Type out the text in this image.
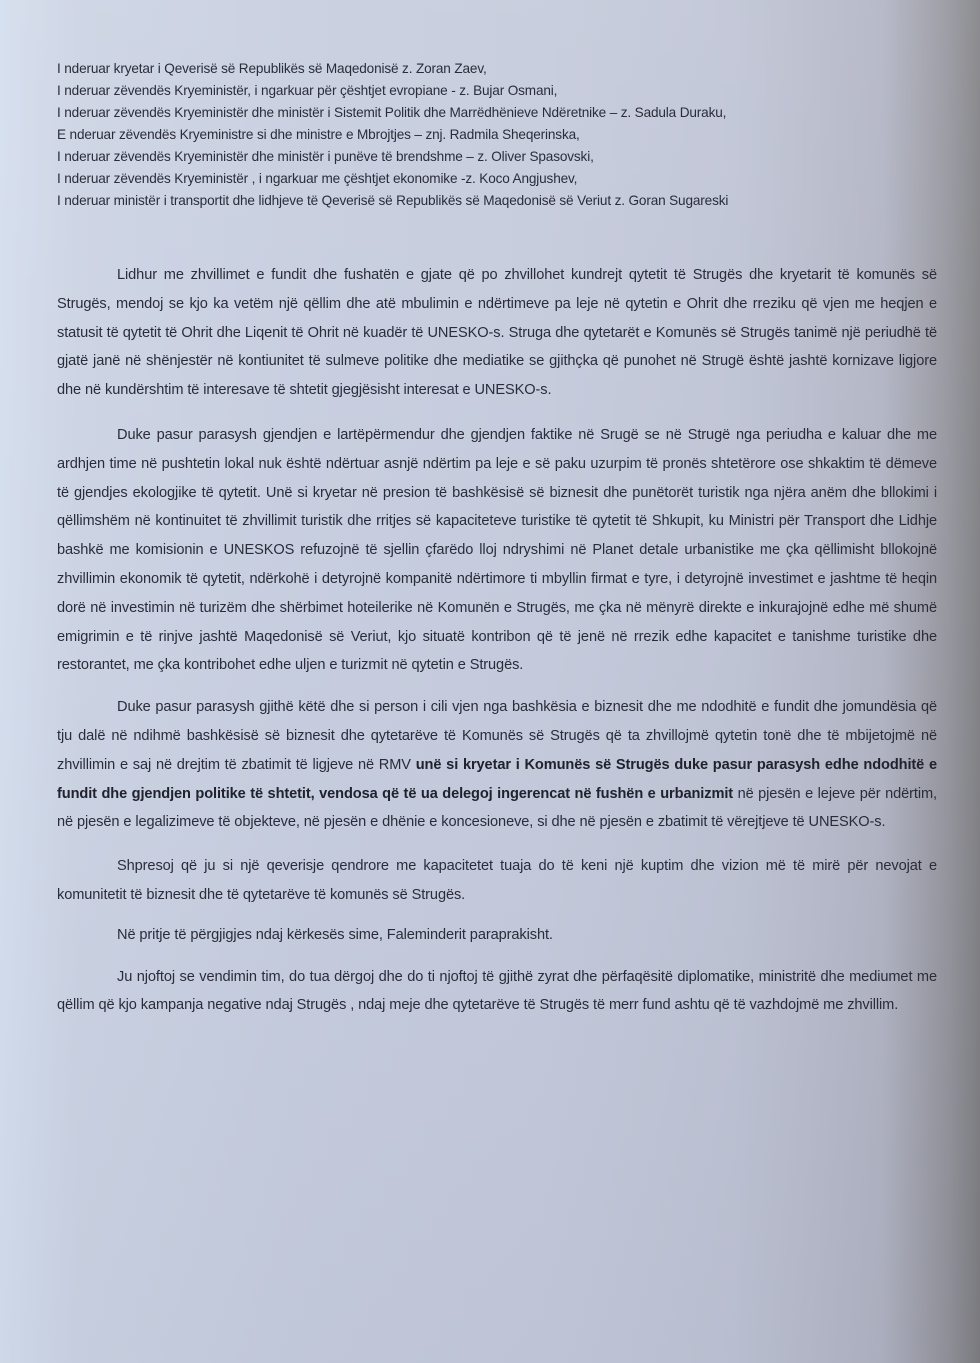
I nderuar kryetar i Qeverisë së Republikës së Maqedonisë z. Zoran Zaev,
I nderuar zëvendës Kryeministër, i ngarkuar për çështjet evropiane - z. Bujar Osmani,
I nderuar zëvendës Kryeministër dhe ministër i Sistemit Politik dhe Marrëdhënieve Ndëretnike – z. Sadula Duraku,
E nderuar zëvendës Kryeministre si dhe ministre e Mbrojtjes – znj. Radmila Sheqerinska,
I nderuar zëvendës Kryeministër dhe ministër i punëve të brendshme – z. Oliver Spasovski,
I nderuar zëvendës Kryeministër , i ngarkuar me çështjet ekonomike -z. Koco Angjushev,
I nderuar ministër i transportit dhe lidhjeve të Qeverisë së Republikës së Maqedonisë së Veriut z. Goran Sugareski

Lidhur me zhvillimet e fundit dhe fushatën e gjate që po zhvillohet kundrejt qytetit të Strugës dhe kryetarit të komunës së Strugës, mendoj se kjo ka vetëm një qëllim dhe atë mbulimin e ndërtimeve pa leje në qytetin e Ohrit dhe rreziku që vjen me heqjen e statusit të qytetit të Ohrit dhe Liqenit të Ohrit në kuadër të UNESKO-s. Struga dhe qytetarët e Komunës së Strugës tanimë një periudhë të gjatë janë në shënjestër në kontiunitet të sulmeve politike dhe mediatike se gjithçka që punohet në Strugë është jashtë kornizave ligjore dhe në kundërshtim të interesave të shtetit gjegjësisht interesat e UNESKO-s.

Duke pasur parasysh gjendjen e lartëpërmendur dhe gjendjen faktike në Srugë se në Strugë nga periudha e kaluar dhe me ardhjen time në pushtetin lokal nuk është ndërtuar asnjë ndërtim pa leje e së paku uzurpim të pronës shtetërore ose shkaktim të dëmeve të gjendjes ekologjike të qytetit. Unë si kryetar në presion të bashkësisë së biznesit dhe punëtorët turistik nga njëra anëm dhe bllokimi i qëllimshëm në kontinuitet të zhvillimit turistik dhe rritjes së kapaciteteve turistike të qytetit të Shkupit, ku Ministri për Transport dhe Lidhje bashkë me komisionin e UNESKOS refuzojnë të sjellin çfarëdo lloj ndryshimi në Planet detale urbanistike me çka qëllimisht bllokojnë zhvillimin ekonomik të qytetit, ndërkohë i detyrojnë kompanitë ndërtimore ti mbyllin firmat e tyre, i detyrojnë investimet e jashtme të heqin dorë në investimin në turizëm dhe shërbimet hoteilerike në Komunën e Strugës, me çka në mënyrë direkte e inkurajojnë edhe më shumë emigrimin e të rinjve jashtë Maqedonisë së Veriut, kjo situatë kontribon që të jenë në rrezik edhe kapacitet e tanishme turistike dhe restorantet, me çka kontribohet edhe uljen e turizmit në qytetin e Strugës.

Duke pasur parasysh gjithë këtë dhe si person i cili vjen nga bashkësia e biznesit dhe me ndodhitë e fundit dhe jomundësia që tju dalë në ndihmë bashkësisë së biznesit dhe qytetarëve të Komunës së Strugës që ta zhvillojmë qytetin tonë dhe të mbijetojmë në zhvillimin e saj në drejtim të zbatimit të ligjeve në RMV unë si kryetar i Komunës së Strugës duke pasur parasysh edhe ndodhitë e fundit dhe gjendjen politike të shtetit, vendosa që të ua delegoj ingerencat në fushën e urbanizmit në pjesën e lejeve për ndërtim, në pjesën e legalizimeve të objekteve, në pjesën e dhënie e koncesioneve, si dhe në pjesën e zbatimit të vërejtjeve të UNESKO-s.

Shpresoj që ju si një qeverisje qendrore me kapacitetet tuaja do të keni një kuptim dhe vizion më të mirë për nevojat e komunitetit të biznesit dhe të qytetarëve të komunës së Strugës.

Në pritje të përgjigjes ndaj kërkesës sime, Faleminderit paraprakisht.

Ju njoftoj se vendimin tim, do tua dërgoj dhe do ti njoftoj të gjithë zyrat dhe përfaqësitë diplomatike, ministritë dhe mediumet me qëllim që kjo kampanja negative ndaj Strugës , ndaj meje dhe qytetarëve të Strugës të merr fund ashtu që të vazhdojmë me zhvillim.
